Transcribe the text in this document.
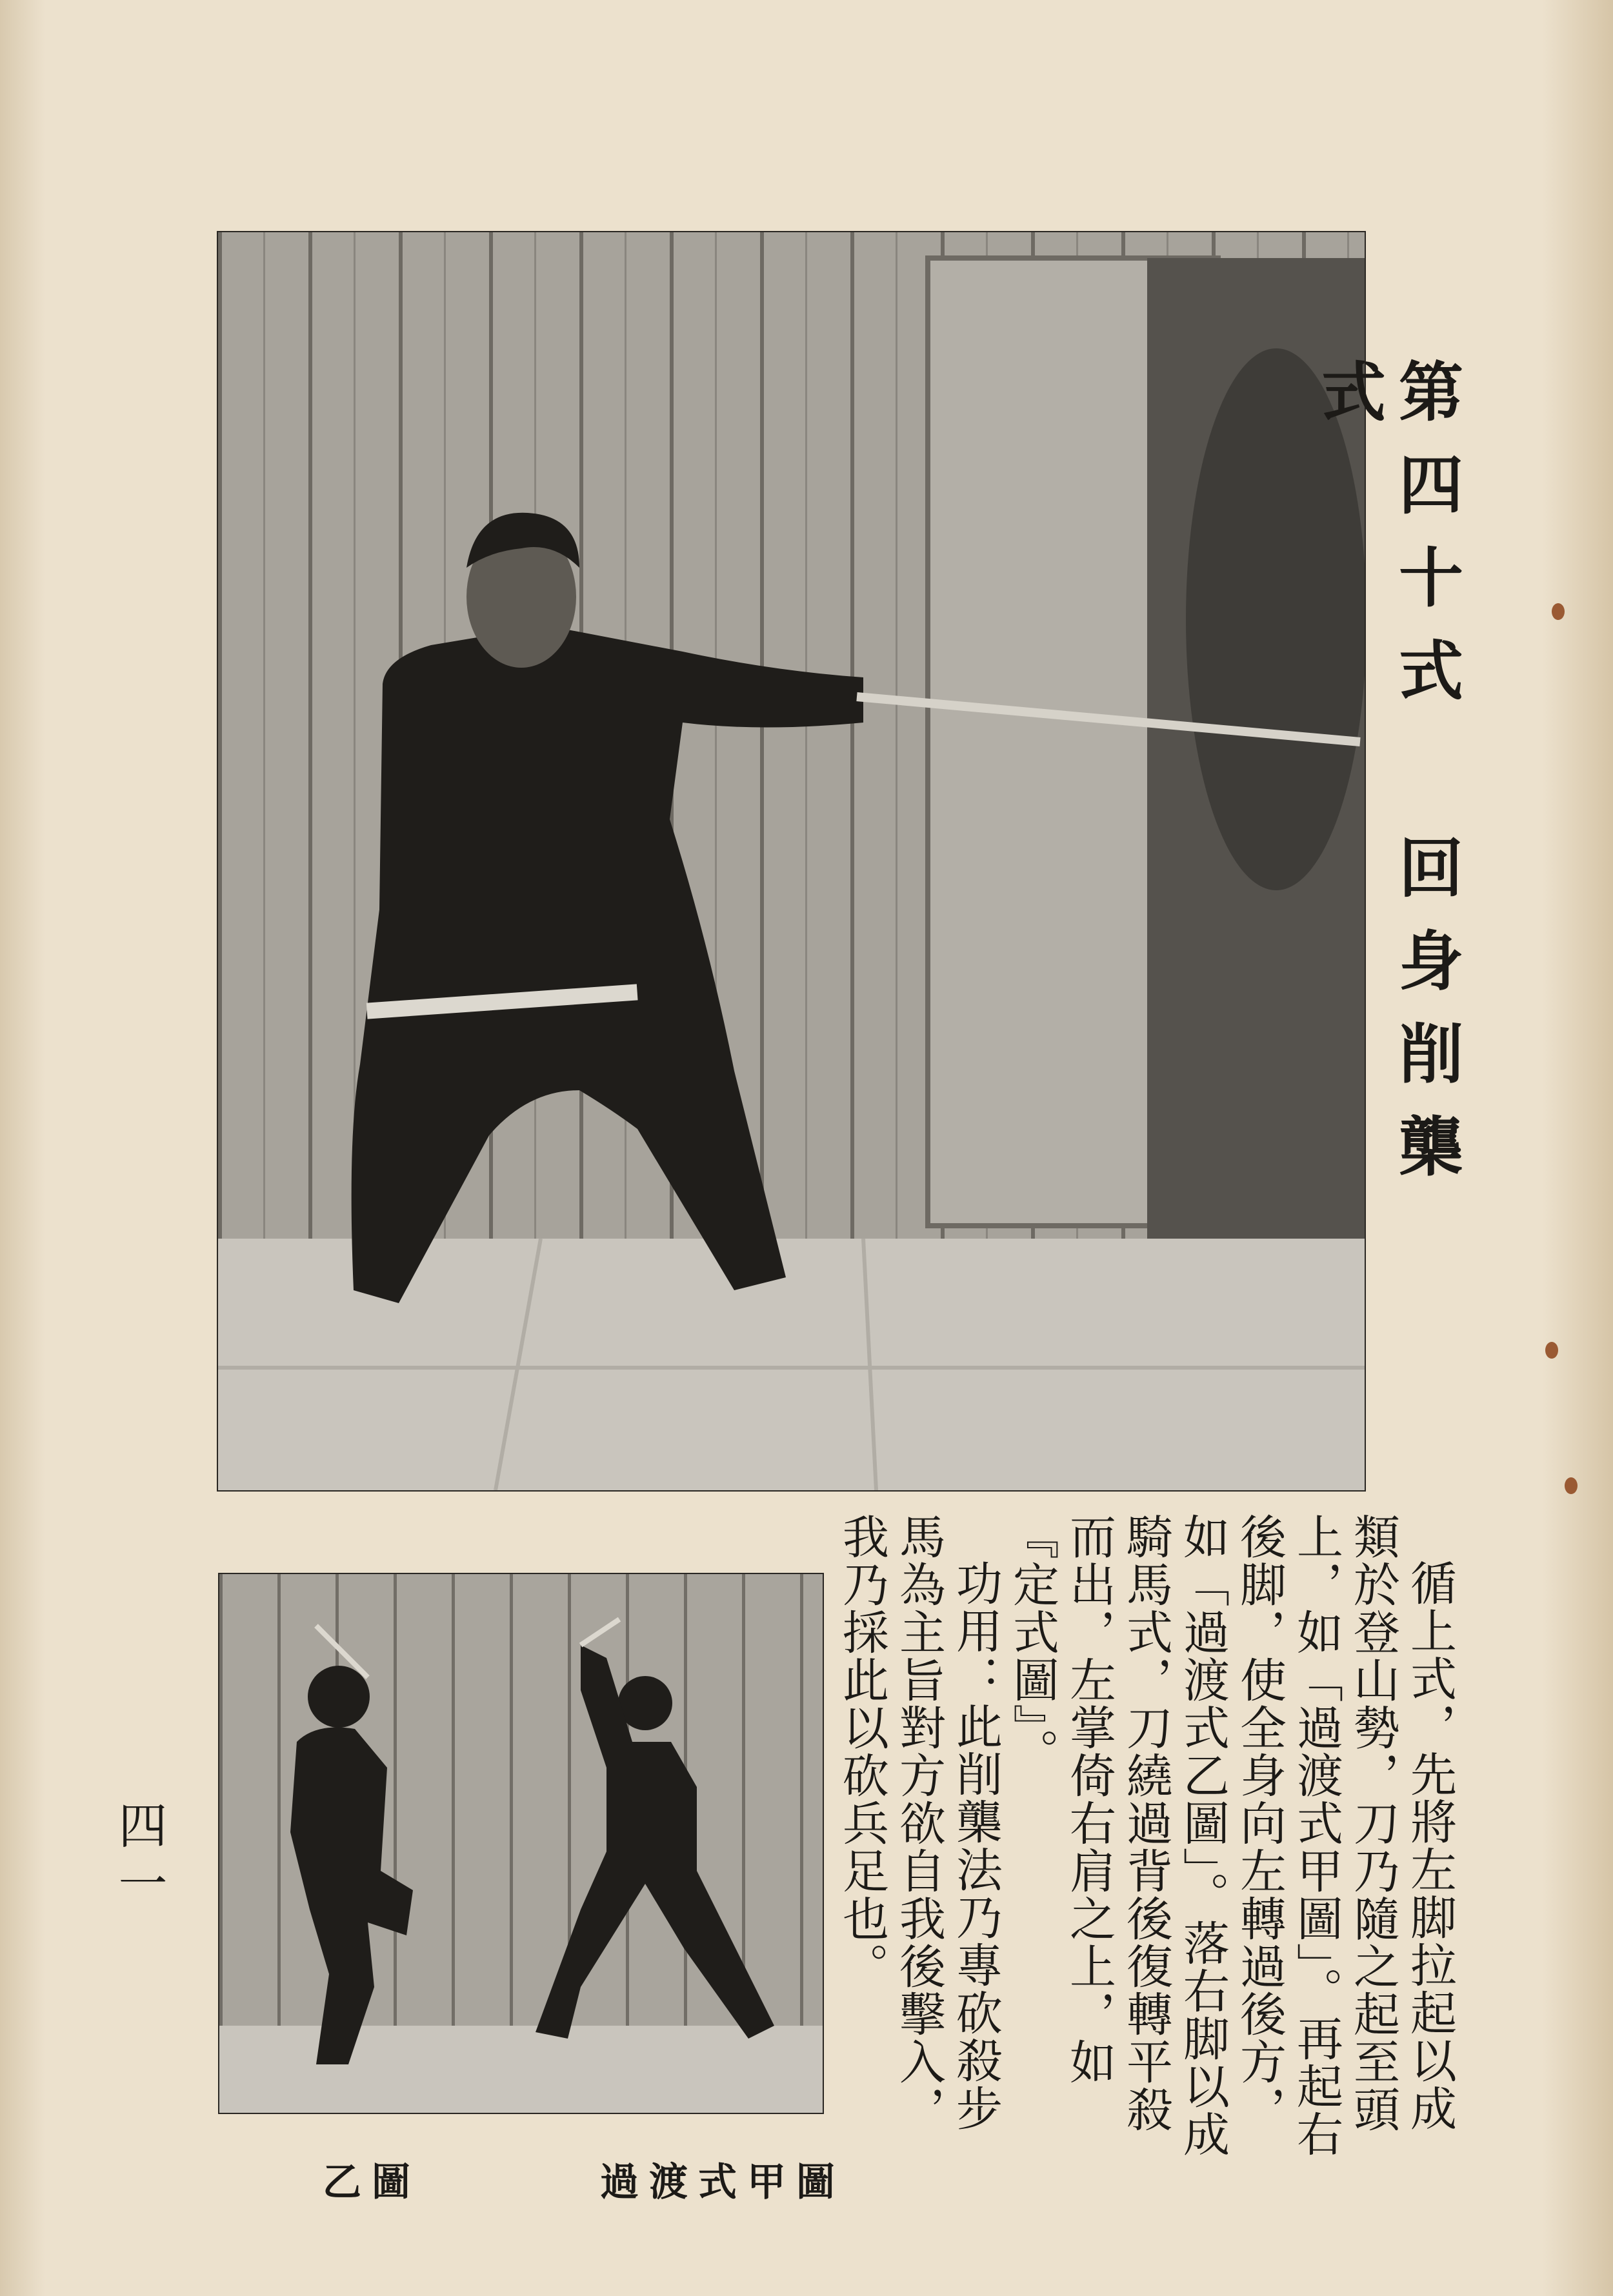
第四十式 回身削㰍式

循上式，先將左脚拉起以成類於登山勢，刀乃隨之起至頭上，如「過渡式甲圖」。再起右後脚，使全身向左轉過後方，如「過渡式乙圖」。落右脚以成騎馬式，刀繞過背後復轉平殺而出，左掌倚右肩之上，如『定式圖』。

功用：此削㰍法乃專砍殺步馬為主旨對方欲自我後擊入，我乃採此以砍兵足也。

乙圖	過渡式甲圖
四一
